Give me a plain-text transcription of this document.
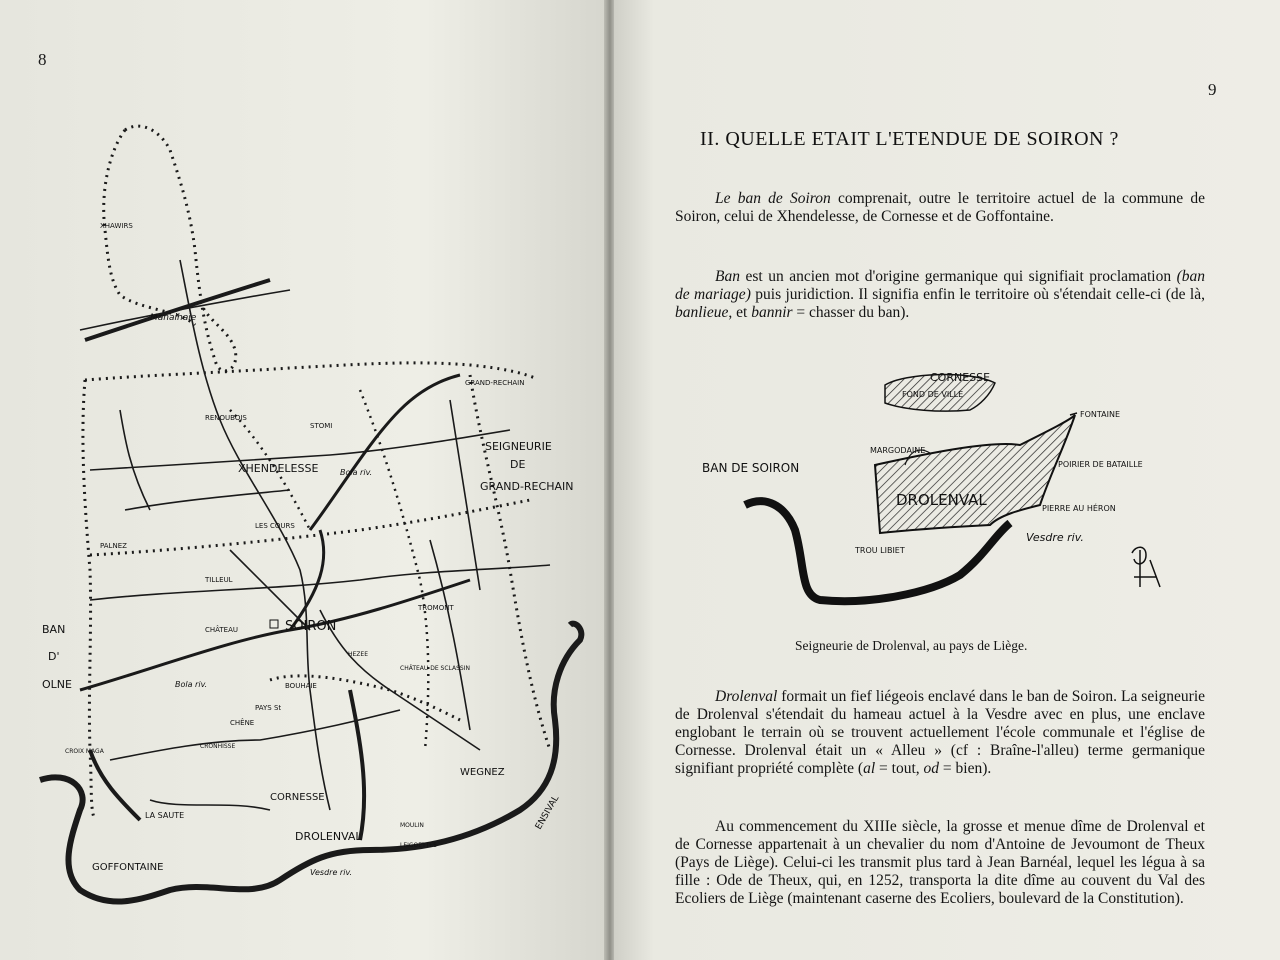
8
XHAWIRS
Manaihaie
RENOUBOIS
STOMI
GRAND-RECHAIN
SEIGNEURIE
DE
GRAND-RECHAIN
XHENDELESSE	Bola riv.
LES COURS
PALNEZ
TILLEUL
TROMONT
BAN
D'
OLNE
CHÂTEAU	SOIRON
HEZEE
CHÂTEAU DE SCLASSIN
Bola riv.	BOUHAIE
PAYS St
CHÊNE
CROIX MAGA
CRONHISSE
WEGNEZ
ENSIVAL
LA SAUTE
CORNESSE
DROLENVAL
MOULIN
LEIGOETTES
GOFFONTAINE	Vesdre riv.
9
II. QUELLE ETAIT L'ETENDUE DE SOIRON ?

Le ban de Soiron comprenait, outre le territoire actuel de la commune de Soiron, celui de Xhendelesse, de Cornesse et de Goffontaine.

Ban est un ancien mot d'origine germanique qui signifiait proclamation (ban de mariage) puis juridiction. Il signifia enfin le territoire où s'étendait celle-ci (de là, banlieue, et bannir = chasser du ban).

CORNESSE
FOND DE VILLE
FONTAINE
MARGODAINE
BAN DE SOIRON	POIRIER DE BATAILLE
DROLENVAL	PIERRE AU HÉRON
TROU LIBIET
Vesdre riv.
Seigneurie de Drolenval, au pays de Liège.

Drolenval formait un fief liégeois enclavé dans le ban de Soiron. La seigneurie de Drolenval s'étendait du hameau actuel à la Vesdre avec en plus, une enclave englobant le terrain où se trouvent actuellement l'école communale et l'église de Cornesse. Drolenval était un « Alleu » (cf : Braîne-l'alleu) terme germanique signifiant propriété complète (al = tout, od = bien).

Au commencement du XIIIe siècle, la grosse et menue dîme de Drolenval et de Cornesse appartenait à un chevalier du nom d'Antoine de Jevoumont de Theux (Pays de Liège). Celui-ci les transmit plus tard à Jean Barnéal, lequel les légua à sa fille : Ode de Theux, qui, en 1252, transporta la dite dîme au couvent du Val des Ecoliers de Liège (maintenant caserne des Ecoliers, boulevard de la Constitution).
